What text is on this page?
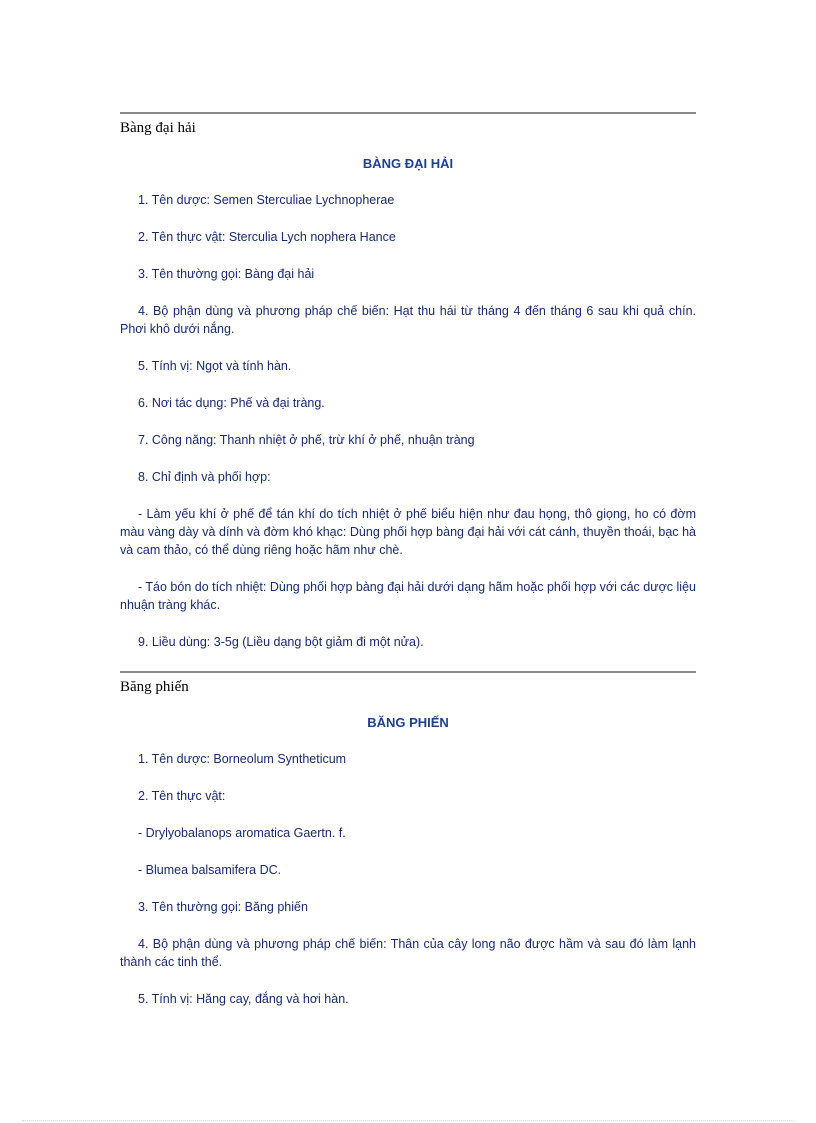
Bàng đại hải
BÀNG ĐẠI HẢI

1. Tên dược: Semen Sterculiae Lychnopherae

2. Tên thực vật: Sterculia Lych nophera Hance

3. Tên thường gọi: Bàng đại hải

4. Bộ phận dùng và phương pháp chế biến: Hạt thu hái từ tháng 4 đến tháng 6 sau khi quả chín. Phơi khô dưới nắng.

5. Tính vị: Ngọt và tính hàn.

6. Nơi tác dụng: Phế và đại tràng.

7. Công năng: Thanh nhiệt ở phế, trừ khí ở phế, nhuận tràng

8. Chỉ định và phối hợp:

- Làm yếu khí ở phế để tán khí do tích nhiệt ở phế biểu hiện như đau họng, thô giọng, ho có đờm màu vàng dày và dính và đờm khó khạc: Dùng phối hợp bàng đại hải với cát cánh, thuyền thoái, bạc hà và cam thảo, có thể dùng riêng hoặc hãm như chè.

- Táo bón do tích nhiệt: Dùng phối hợp bàng đại hải dưới dạng hãm hoặc phối hợp với các dược liệu nhuận tràng khác.

9. Liều dùng: 3-5g (Liều dạng bột giảm đi một nửa).

Băng phiến
BĂNG PHIẾN

1. Tên dược: Borneolum Syntheticum

2. Tên thực vật:

- Drylyobalanops aromatica Gaertn. f.

- Blumea balsamifera DC.

3. Tên thường gọi: Băng phiến

4. Bộ phận dùng và phương pháp chế biến: Thân của cây long não được hầm và sau đó làm lạnh thành các tinh thể.

5. Tính vị: Hăng cay, đắng và hơi hàn.
